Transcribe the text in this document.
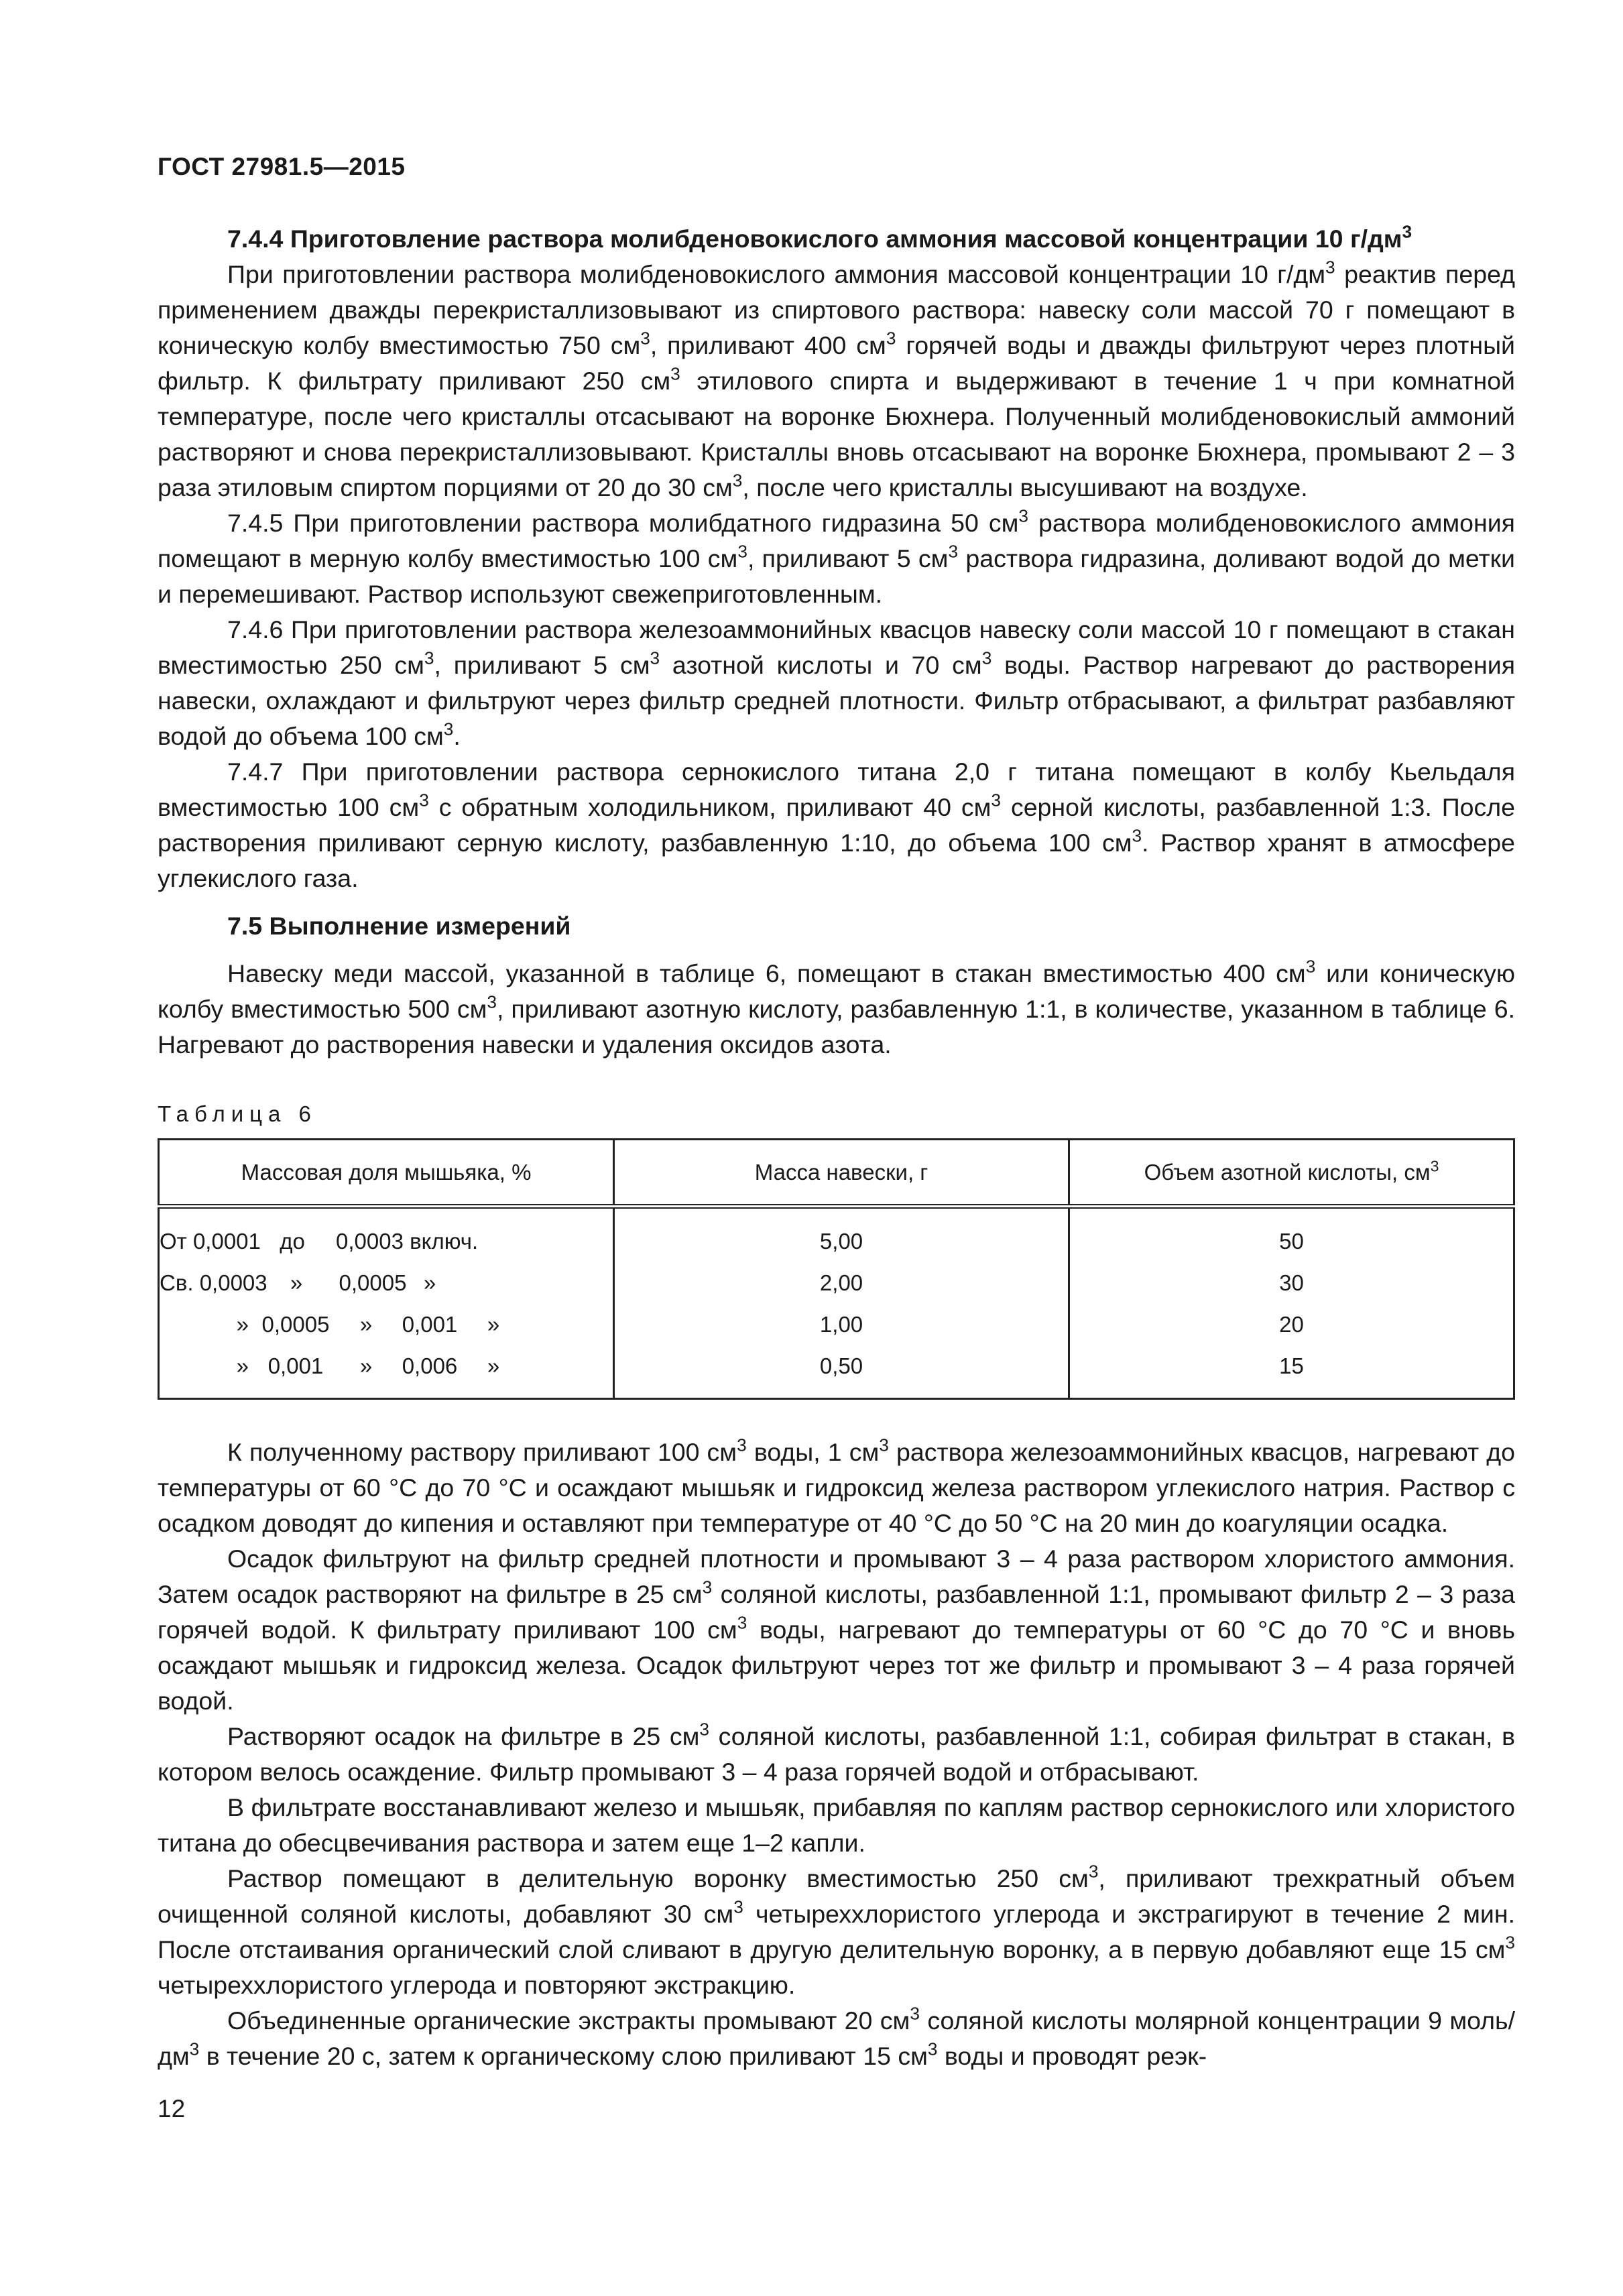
ГОСТ 27981.5—2015

7.4.4 Приготовление раствора молибденовокислого аммония массовой концентрации 10 $г/дм^3$

При приготовлении раствора молибденовокислого аммония массовой концентрации 10 $г/дм^3$ реактив перед применением дважды перекристаллизовывают из спиртового раствора: навеску соли массой 70 г помещают в коническую колбу вместимостью 750 $см^3$, приливают 400 $см^3$ горячей воды и дважды фильтруют через плотный фильтр. К фильтрату приливают 250 $см^3$ этилового спирта и выдерживают в течение 1 ч при комнатной температуре, после чего кристаллы отсасывают на воронке Бюхнера. Полученный молибденовокислый аммоний растворяют и снова перекристаллизовывают. Кристаллы вновь отсасывают на воронке Бюхнера, промывают 2 – 3 раза этиловым спиртом порциями от 20 до 30 $см^3$, после чего кристаллы высушивают на воздухе.

7.4.5 При приготовлении раствора молибдатного гидразина 50 $см^3$ раствора молибденовокислого аммония помещают в мерную колбу вместимостью 100 $см^3$, приливают 5 $см^3$ раствора гидразина, доливают водой до метки и перемешивают. Раствор используют свежеприготовленным.

7.4.6 При приготовлении раствора железоаммонийных квасцов навеску соли массой 10 г помещают в стакан вместимостью 250 $см^3$, приливают 5 $см^3$ азотной кислоты и 70 $см^3$ воды. Раствор нагревают до растворения навески, охлаждают и фильтруют через фильтр средней плотности. Фильтр отбрасывают, а фильтрат разбавляют водой до объема 100 $см^3$.

7.4.7 При приготовлении раствора сернокислого титана 2,0 г титана помещают в колбу Кьельдаля вместимостью 100 $см^3$ с обратным холодильником, приливают 40 $см^3$ серной кислоты, разбавленной 1:3. После растворения приливают серную кислоту, разбавленную 1:10, до объема 100 $см^3$. Раствор хранят в атмосфере углекислого газа.

7.5 Выполнение измерений

Навеску меди массой, указанной в таблице 6, помещают в стакан вместимостью 400 $см^3$ или коническую колбу вместимостью 500 $см^3$, приливают азотную кислоту, разбавленную 1:1, в количестве, указанном в таблице 6. Нагревают до растворения навески и удаления оксидов азота.

Таблица 6
Массовая доля мышьяка, %	Масса навески, г	Объем азотной кислоты, $см^3$
От 0,0001 до 0,0003 включ.	5,00	50
Св. 0,0003 » 0,0005 »	2,00	30
» 0,0005 » 0,001 »	1,00	20
» 0,001 » 0,006 »	0,50	15

К полученному раствору приливают 100 $см^3$ воды, 1 $см^3$ раствора железоаммонийных квасцов, нагревают до температуры от 60 °С до 70 °С и осаждают мышьяк и гидроксид железа раствором углекислого натрия. Раствор с осадком доводят до кипения и оставляют при температуре от 40 °С до 50 °С на 20 мин до коагуляции осадка.

Осадок фильтруют на фильтр средней плотности и промывают 3 – 4 раза раствором хлористого аммония. Затем осадок растворяют на фильтре в 25 $см^3$ соляной кислоты, разбавленной 1:1, промывают фильтр 2 – 3 раза горячей водой. К фильтрату приливают 100 $см^3$ воды, нагревают до температуры от 60 °С до 70 °С и вновь осаждают мышьяк и гидроксид железа. Осадок фильтруют через тот же фильтр и промывают 3 – 4 раза горячей водой.

Растворяют осадок на фильтре в 25 $см^3$ соляной кислоты, разбавленной 1:1, собирая фильтрат в стакан, в котором велось осаждение. Фильтр промывают 3 – 4 раза горячей водой и отбрасывают.

В фильтрате восстанавливают железо и мышьяк, прибавляя по каплям раствор сернокислого или хлористого титана до обесцвечивания раствора и затем еще 1–2 капли.

Раствор помещают в делительную воронку вместимостью 250 $см^3$, приливают трехкратный объем очищенной соляной кислоты, добавляют 30 $см^3$ четыреххлористого углерода и экстрагируют в течение 2 мин. После отстаивания органический слой сливают в другую делительную воронку, а в первую добавляют еще 15 $см^3$ четыреххлористого углерода и повторяют экстракцию.

Объединенные органические экстракты промывают 20 $см^3$ соляной кислоты молярной концентрации 9 моль/$дм^3$ в течение 20 с, затем к органическому слою приливают 15 $см^3$ воды и проводят реэк-

12
